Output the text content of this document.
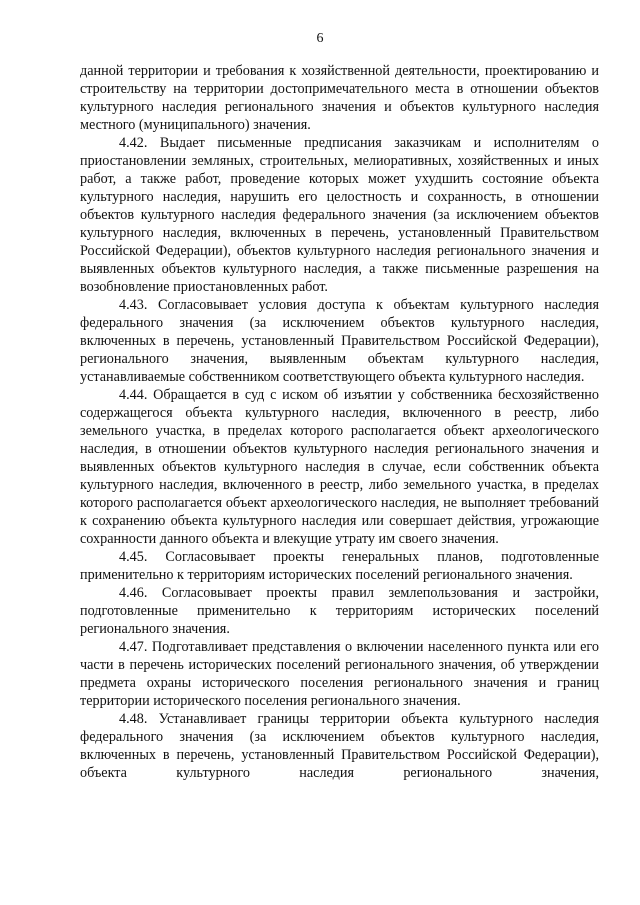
6

данной территории и требования к хозяйственной деятельности, проектированию и строительству на территории достопримечательного места в отношении объектов культурного наследия регионального значения и объектов культурного наследия местного (муниципального) значения.

4.42. Выдает письменные предписания заказчикам и исполнителям о приостановлении земляных, строительных, мелиоративных, хозяйственных и иных работ, а также работ, проведение которых может ухудшить состояние объекта культурного наследия, нарушить его целостность и сохранность, в отношении объектов культурного наследия федерального значения (за исключением объектов культурного наследия, включенных в перечень, установленный Правительством Российской Федерации), объектов культурного наследия регионального значения и выявленных объектов культурного наследия, а также письменные разрешения на возобновление приостановленных работ.

4.43. Согласовывает условия доступа к объектам культурного наследия федерального значения (за исключением объектов культурного наследия, включенных в перечень, установленный Правительством Российской Федерации), регионального значения, выявленным объектам культурного наследия, устанавливаемые собственником соответствующего объекта культурного наследия.

4.44. Обращается в суд с иском об изъятии у собственника бесхозяйственно содержащегося объекта культурного наследия, включенного в реестр, либо земельного участка, в пределах которого располагается объект археологического наследия, в отношении объектов культурного наследия регионального значения и выявленных объектов культурного наследия в случае, если собственник объекта культурного наследия, включенного в реестр, либо земельного участка, в пределах которого располагается объект археологического наследия, не выполняет требований к сохранению объекта культурного наследия или совершает действия, угрожающие сохранности данного объекта и влекущие утрату им своего значения.

4.45. Согласовывает проекты генеральных планов, подготовленные применительно к территориям исторических поселений регионального значения.

4.46. Согласовывает проекты правил землепользования и застройки, подготовленные применительно к территориям исторических поселений регионального значения.

4.47. Подготавливает представления о включении населенного пункта или его части в перечень исторических поселений регионального значения, об утверждении предмета охраны исторического поселения регионального значения и границ территории исторического поселения регионального значения.

4.48. Устанавливает границы территории объекта культурного наследия федерального значения (за исключением объектов культурного наследия, включенных в перечень, установленный Правительством Российской Федерации), объекта культурного наследия регионального значения,
